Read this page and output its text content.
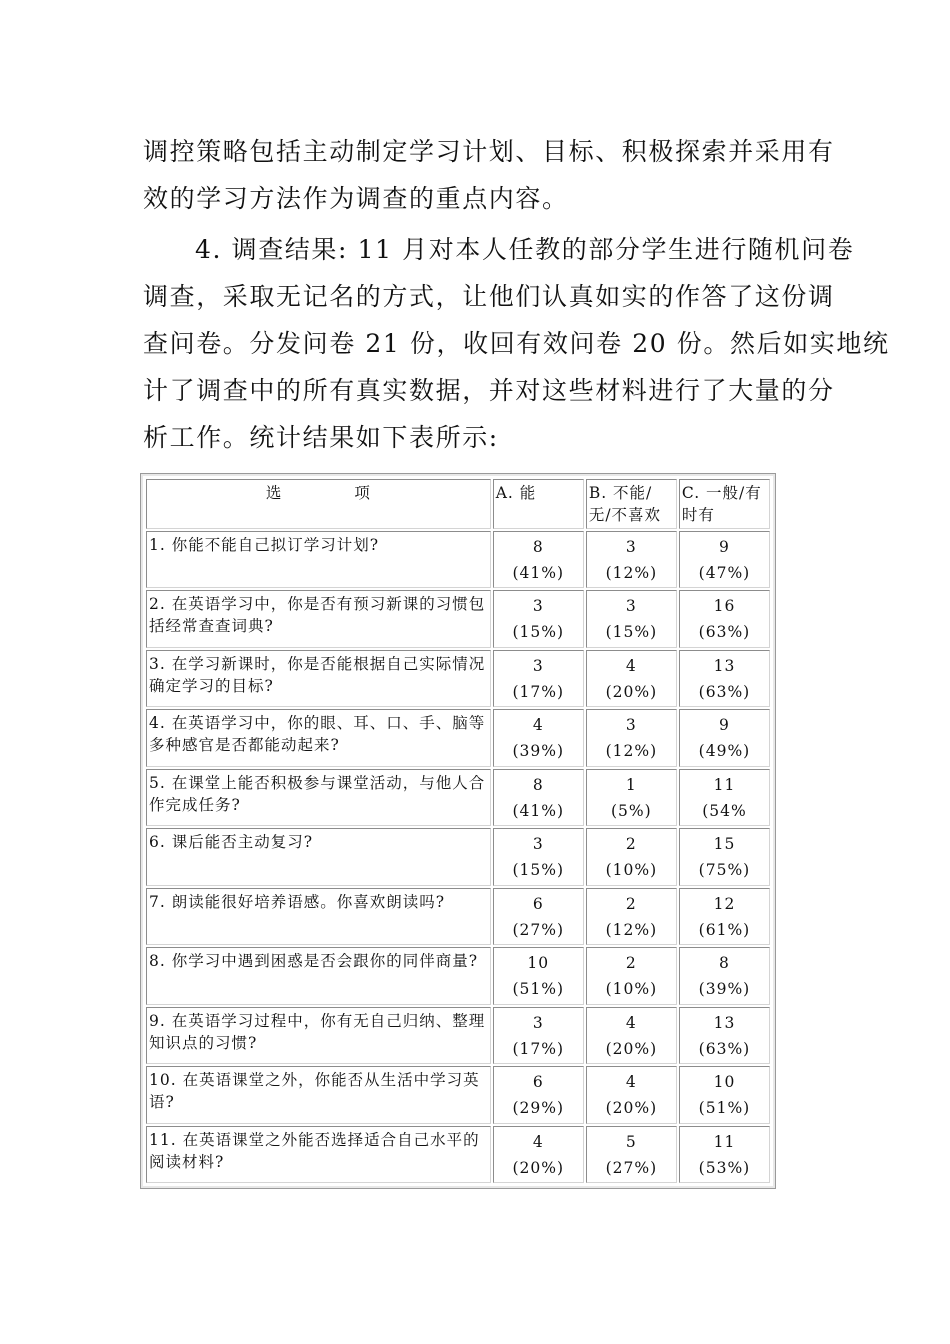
调控策略包括主动制定学习计划、目标、积极探索并采用有
效的学习方法作为调查的重点内容。
4. 调查结果: 11 月对本人任教的部分学生进行随机问卷
调查，采取无记名的方式，让他们认真如实的作答了这份调
查问卷。分发问卷 21 份，收回有效问卷 20 份。然后如实地统
计了调查中的所有真实数据，并对这些材料进行了大量的分
析工作。统计结果如下表所示:
选 项	A. 能	B. 不能/无/不喜欢	C. 一般/有时有
1. 你能不能自己拟订学习计划?	8
(41%)	3
(12%)	9
(47%)

2. 在英语学习中，你是否有预习新课的习惯包括经常查查词典?	3
(15%)	3
(15%)	16
(63%)

3. 在学习新课时，你是否能根据自己实际情况确定学习的目标?	3
(17%)	4
(20%)	13
(63%)

4. 在英语学习中，你的眼、耳、口、手、脑等多种感官是否都能动起来?	4
(39%)	3
(12%)	9
(49%)

5. 在课堂上能否积极参与课堂活动，与他人合作完成任务?	8
(41%)	1
(5%)	11
(54%

6. 课后能否主动复习?	3
(15%)	2
(10%)	15
(75%)

7. 朗读能很好培养语感。你喜欢朗读吗?	6
(27%)	2
(12%)	12
(61%)

8. 你学习中遇到困惑是否会跟你的同伴商量?	10
(51%)	2
(10%)	8
(39%)

9. 在英语学习过程中，你有无自己归纳、整理知识点的习惯?	3
(17%)	4
(20%)	13
(63%)

10. 在英语课堂之外，你能否从生活中学习英语?	6
(29%)	4
(20%)	10
(51%)

11. 在英语课堂之外能否选择适合自己水平的阅读材料?	4
(20%)	5
(27%)	11
(53%)
